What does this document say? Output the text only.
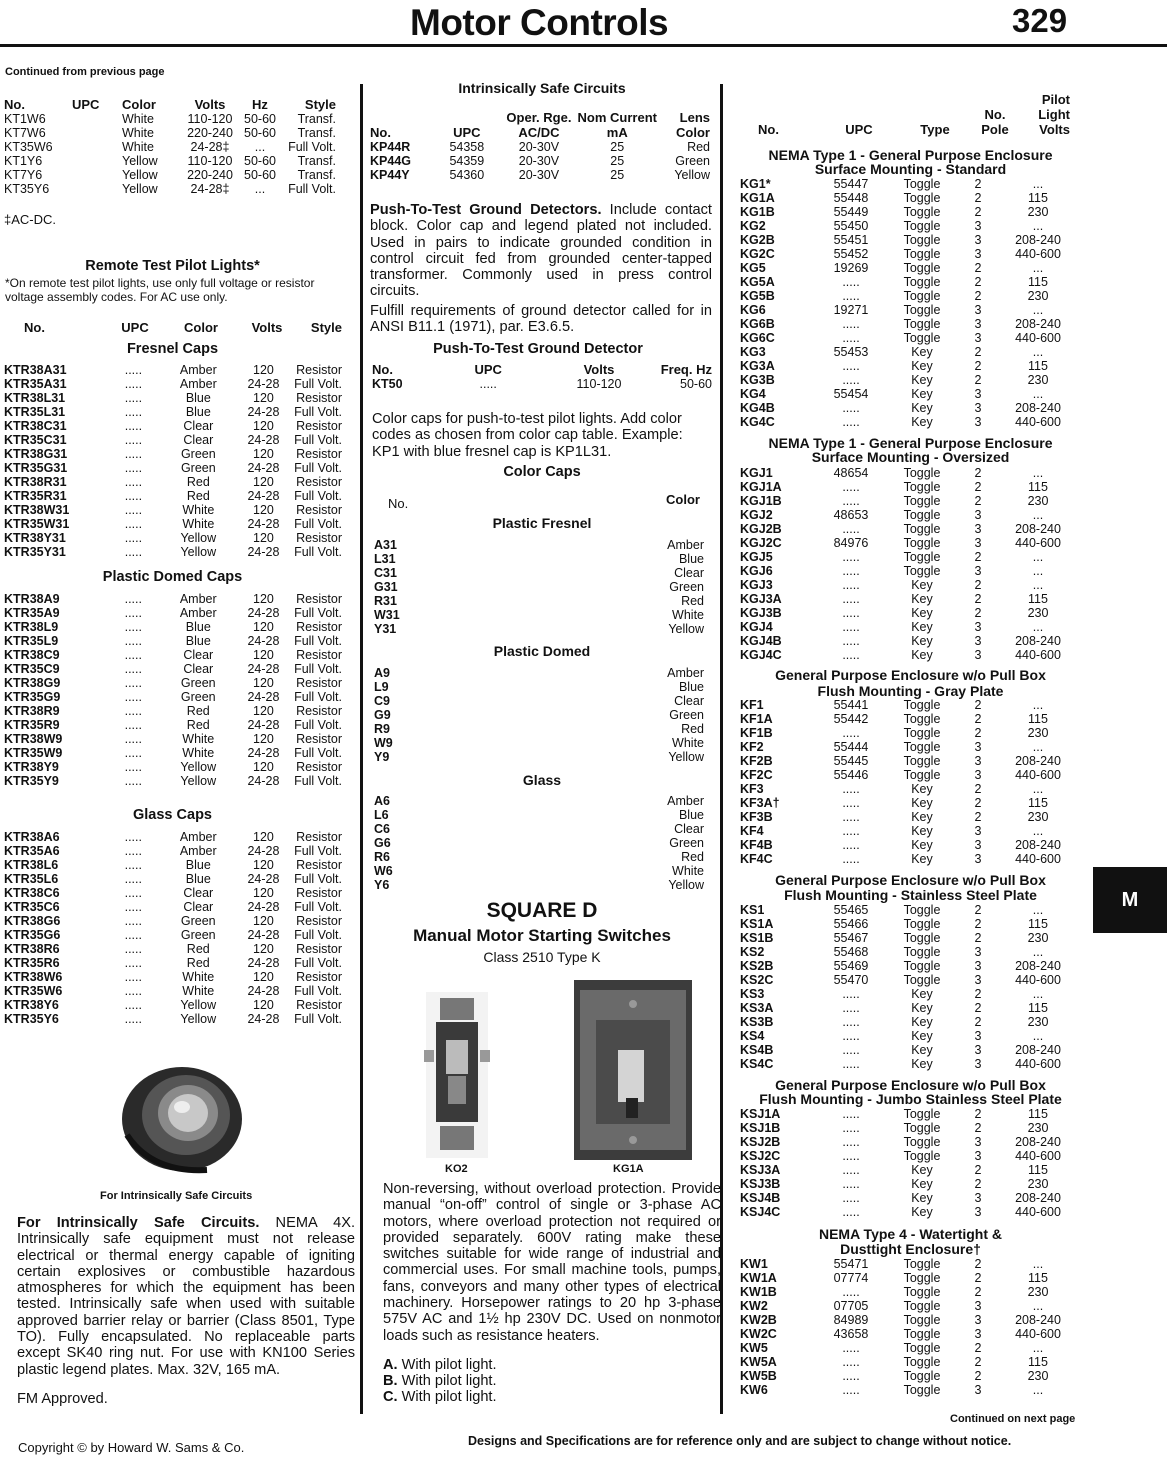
Motor Controls	329
Continued from previous page
No.	UPC	Color	Volts	Hz	Style
KT1W6		White	110-120	50-60	Transf.
KT7W6		White	220-240	50-60	Transf.
KT35W6		White	24-28‡	...	Full Volt.
KT1Y6		Yellow	110-120	50-60	Transf.
KT7Y6		Yellow	220-240	50-60	Transf.
KT35Y6		Yellow	24-28‡	...	Full Volt.
‡AC-DC.
Remote Test Pilot Lights*
*On remote test pilot lights, use only full voltage or resistor voltage assembly codes. For AC use only.
No.	UPC	Color	Volts	Style
Fresnel Caps
KTR38A31	.....	Amber	120	Resistor
KTR35A31	.....	Amber	24-28	Full Volt.
KTR38L31	.....	Blue	120	Resistor
KTR35L31	.....	Blue	24-28	Full Volt.
KTR38C31	.....	Clear	120	Resistor
KTR35C31	.....	Clear	24-28	Full Volt.
KTR38G31	.....	Green	120	Resistor
KTR35G31	.....	Green	24-28	Full Volt.
KTR38R31	.....	Red	120	Resistor
KTR35R31	.....	Red	24-28	Full Volt.
KTR38W31	.....	White	120	Resistor
KTR35W31	.....	White	24-28	Full Volt.
KTR38Y31	.....	Yellow	120	Resistor
KTR35Y31	.....	Yellow	24-28	Full Volt.
Plastic Domed Caps
KTR38A9	.....	Amber	120	Resistor
KTR35A9	.....	Amber	24-28	Full Volt.
KTR38L9	.....	Blue	120	Resistor
KTR35L9	.....	Blue	24-28	Full Volt.
KTR38C9	.....	Clear	120	Resistor
KTR35C9	.....	Clear	24-28	Full Volt.
KTR38G9	.....	Green	120	Resistor
KTR35G9	.....	Green	24-28	Full Volt.
KTR38R9	.....	Red	120	Resistor
KTR35R9	.....	Red	24-28	Full Volt.
KTR38W9	.....	White	120	Resistor
KTR35W9	.....	White	24-28	Full Volt.
KTR38Y9	.....	Yellow	120	Resistor
KTR35Y9	.....	Yellow	24-28	Full Volt.
Glass Caps
KTR38A6	.....	Amber	120	Resistor
KTR35A6	.....	Amber	24-28	Full Volt.
KTR38L6	.....	Blue	120	Resistor
KTR35L6	.....	Blue	24-28	Full Volt.
KTR38C6	.....	Clear	120	Resistor
KTR35C6	.....	Clear	24-28	Full Volt.
KTR38G6	.....	Green	120	Resistor
KTR35G6	.....	Green	24-28	Full Volt.
KTR38R6	.....	Red	120	Resistor
KTR35R6	.....	Red	24-28	Full Volt.
KTR38W6	.....	White	120	Resistor
KTR35W6	.....	White	24-28	Full Volt.
KTR38Y6	.....	Yellow	120	Resistor
KTR35Y6	.....	Yellow	24-28	Full Volt.
For Intrinsically Safe Circuits
For Intrinsically Safe Circuits. NEMA 4X. Intrinsically safe equipment must not release electrical or thermal energy capable of igniting certain explosives or combustible hazardous atmospheres for which the equipment has been tested. Intrinsically safe when used with suitable approved barrier relay or barrier (Class 8501, Type TO). Fully encapsulated. No replaceable parts except SK40 ring nut. For use with KN100 Series plastic legend plates. Max. 32V, 165 mA.
FM Approved.
Intrinsically Safe Circuits
No.	UPC	Oper. Rge. AC/DC	Nom Current mA	Lens Color
KP44R	54358	20-30V	25	Red
KP44G	54359	20-30V	25	Green
KP44Y	54360	20-30V	25	Yellow
Push-To-Test Ground Detectors. Include contact block. Color cap and legend plated not included. Used in pairs to indicate grounded condition in control circuit fed from grounded center-tapped transformer. Commonly used in press control circuits.
Fulfill requirements of ground detector called for in ANSI B11.1 (1971), par. E3.6.5.
Push-To-Test Ground Detector
No.	UPC	Volts	Freq. Hz
KT50	.....	110-120	50-60
Color caps for push-to-test pilot lights. Add color codes as chosen from color cap table. Example: KP1 with blue fresnel cap is KP1L31.
Color Caps
No.	Color
Plastic Fresnel
A31	Amber
L31	Blue
C31	Clear
G31	Green
R31	Red
W31	White
Y31	Yellow
Plastic Domed
A9	Amber
L9	Blue
C9	Clear
G9	Green
R9	Red
W9	White
Y9	Yellow
Glass
A6	Amber
L6	Blue
C6	Clear
G6	Green
R6	Red
W6	White
Y6	Yellow
SQUARE D
Manual Motor Starting Switches
Class 2510 Type K
KO2	KG1A
Non-reversing, without overload protection. Provide manual “on-off” control of single or 3-phase AC motors, where overload protection not required or provided separately. 600V rating make these switches suitable for wide range of industrial and commercial uses. For small machine tools, pumps, fans, conveyors and many other types of electrical machinery. Horsepower ratings to 20 hp 3-phase 575V AC and 1½ hp 230V DC. Used on nonmotor loads such as resistance heaters.
A. With pilot light.
B. With pilot light.
C. With pilot light.
No.	UPC	Type	No. Pole	Pilot Light Volts
NEMA Type 1 - General Purpose Enclosure
Surface Mounting - Standard
KG1*	55447	Toggle	2	...
KG1A	55448	Toggle	2	115
KG1B	55449	Toggle	2	230
KG2	55450	Toggle	3	...
KG2B	55451	Toggle	3	208-240
KG2C	55452	Toggle	3	440-600
KG5	19269	Toggle	2	...
KG5A	.....	Toggle	2	115
KG5B	.....	Toggle	2	230
KG6	19271	Toggle	3	...
KG6B	.....	Toggle	3	208-240
KG6C	.....	Toggle	3	440-600
KG3	55453	Key	2	...
KG3A	.....	Key	2	115
KG3B	.....	Key	2	230
KG4	55454	Key	3	...
KG4B	.....	Key	3	208-240
KG4C	.....	Key	3	440-600
NEMA Type 1 - General Purpose Enclosure
Surface Mounting - Oversized
KGJ1	48654	Toggle	2	...
KGJ1A	.....	Toggle	2	115
KGJ1B	.....	Toggle	2	230
KGJ2	48653	Toggle	3	...
KGJ2B	.....	Toggle	3	208-240
KGJ2C	84976	Toggle	3	440-600
KGJ5	.....	Toggle	2	...
KGJ6	.....	Toggle	3	...
KGJ3	.....	Key	2	...
KGJ3A	.....	Key	2	115
KGJ3B	.....	Key	2	230
KGJ4	.....	Key	3	...
KGJ4B	.....	Key	3	208-240
KGJ4C	.....	Key	3	440-600
General Purpose Enclosure w/o Pull Box
Flush Mounting - Gray Plate
KF1	55441	Toggle	2	...
KF1A	55442	Toggle	2	115
KF1B	.....	Toggle	2	230
KF2	55444	Toggle	3	...
KF2B	55445	Toggle	3	208-240
KF2C	55446	Toggle	3	440-600
KF3	.....	Key	2	...
KF3A†	.....	Key	2	115
KF3B	.....	Key	2	230
KF4	.....	Key	3	...
KF4B	.....	Key	3	208-240
KF4C	.....	Key	3	440-600
General Purpose Enclosure w/o Pull Box
Flush Mounting - Stainless Steel Plate
KS1	55465	Toggle	2	...
KS1A	55466	Toggle	2	115
KS1B	55467	Toggle	2	230
KS2	55468	Toggle	3	...
KS2B	55469	Toggle	3	208-240
KS2C	55470	Toggle	3	440-600
KS3	.....	Key	2	...
KS3A	.....	Key	2	115
KS3B	.....	Key	2	230
KS4	.....	Key	3	...
KS4B	.....	Key	3	208-240
KS4C	.....	Key	3	440-600
General Purpose Enclosure w/o Pull Box
Flush Mounting - Jumbo Stainless Steel Plate
KSJ1A	.....	Toggle	2	115
KSJ1B	.....	Toggle	2	230
KSJ2B	.....	Toggle	3	208-240
KSJ2C	.....	Toggle	3	440-600
KSJ3A	.....	Key	2	115
KSJ3B	.....	Key	2	230
KSJ4B	.....	Key	3	208-240
KSJ4C	.....	Key	3	440-600
NEMA Type 4 - Watertight &
Dusttight Enclosure†
KW1	55471	Toggle	2	...
KW1A	07774	Toggle	2	115
KW1B	.....	Toggle	2	230
KW2	07705	Toggle	3	...
KW2B	84989	Toggle	3	208-240
KW2C	43658	Toggle	3	440-600
KW5	.....	Toggle	2	...
KW5A	.....	Toggle	2	115
KW5B	.....	Toggle	2	230
KW6	.....	Toggle	3	...
M
Continued on next page
Copyright © by Howard W. Sams & Co.	Designs and Specifications are for reference only and are subject to change without notice.
